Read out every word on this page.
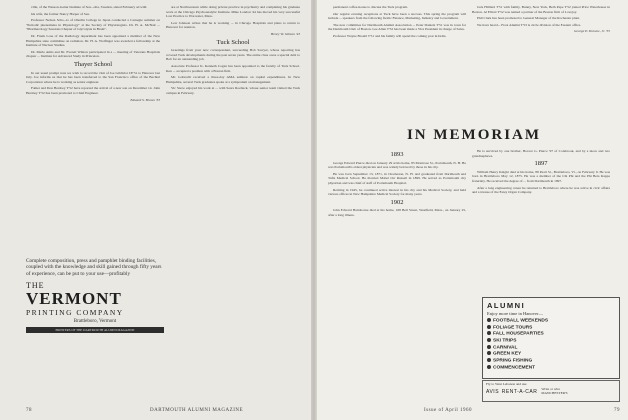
ville, of the Wesson-Gatter Institute of Sou...olia, Sweden, stated February ad with

his wife, the former Nancy Harper of Sea.

Professor Nelson Scho...is of Oberlin College in Japan conducted a Carnegie seminar on "Periodic phenomena in Physiology" at the Society of Physiologists. Dr. H. A. McNair ... "Pharmacology Sessions Chapter of Glycolysis in Brain".

Dr. Frank Lose of the Radiology department has been appointed a member of the New Hampshire state committee on radiation. Dr. H. A. Wolfinger was awarded a fellowship at the Institute of Nuclear Studies.

Dr. Merle Amis and Dr. Everett Winton participated in a ... meeting of Veterans Hospitals chapter ... Institute for Advanced Study in Princeton.

Thayer School

In our usual prompt note we wish to record the visit of Joe Gilchrist CE'51 to Hanover last July. Joe informs us that he has been transferred to the San Francisco office of the Bechtel Corporation where he is working as senior engineer.

Father and Don Hersbey T'52 have reported the arrival of a new son on December 14. John Hersbey T'52 has been promoted to Chief Engineer.

Edward S. Brown '33

are at Northwestern while doing private practice in psychiatry and completing his graduate work at the Chicago Psychoanalytic Institute. Mike London '44 has moved his very successful Law Practice to Worcester, Mass.

Lew Johnson writes that he is working ... in Chicago Hospitals and plans to return to Hanover for reunion.

Henry W. Gibson '43

Tuck School

Greetings from your new correspondent, succeeding Bob Sawyer, whose reporting has covered Tuck developments during the past seven years. The entire class owes a special debt to Bob for an outstanding job.

Associate Professor K. Kenneth Cogan has been appointed to the faculty of Tuck School. Ken ... accepted a position with a Boston firm.

Mr. Gobrecht received a three-day AMA seminar on capital expenditures. In New Hampshire, several Tuck graduates spoke at a symposium on management.

Vic Snow enjoyed his work at ... with Sears Roebuck, whose senior team visited the Tuck campus in February.

Complete composition, press and pamphlet binding facilities, coupled with the knowledge and skill gained through fifty years of experience, can be put to your use—profitably
THE
VERMONT
PRINTING COMPANY
Brattleboro, Vermont
PRINTERS OF THE DARTMOUTH ALUMNI MAGAZINE
78	DARTMOUTH ALUMNI MAGAZINE

permanent coffee-house to discuss the Tuck program.

Our regular evening receptions at Tuck have been a success. This spring the program will include ... speakers from the following fields: Finance, Marketing, Industry and Government.

The new committee for Dartmouth Alumni Association ... Peter Daniels T'51 was in town for the Dartmouth Club of Boston. Lee Allen T'52 has been made a Vice President in charge of Sales.

Professor Wayne Broehl T'51 and his family will spend the coming year in India.

Jack Hilliard T'51 with family, Bunny, New York, Beth Pape T'52 joined Price Waterhouse in Boston. Al Elliott T'52 was named a partner of the Boston firm of Lovejoy.

Phil Clark has been promoted to General Manager of the Rochester plant.

We have heard... Frost Alumni T'53 is circle division of the Eastern office.

George P. Drowne, Jr. '55

IN MEMORIAM
1893

George Edward Pierce died on January 29 at his home, 85 Montrose St., Portsmouth, N. H. He was Portsmouth's oldest physician and was widely beloved by those in his city.

He was born September 13, 1871, in Charleston, N. H. and graduated from Dartmouth and Tufts Medical School. He married Mabel Orr Russell in 1899. He served as Portsmouth city physician and was chief of staff of Portsmouth Hospital.

Retiring in 1945, he continued active interest in his city and his Medical Society, and held various offices in New Hampshire Medical Society for many years.

1902

John Edward Hartsborne died at his home, 168 Bell Street, Westfield, Mass., on January 25, after a long illness.

He is survived by one brother, Horace G. Pierce '97 of Colebrook, and by a niece and two grandnephews.

1897

William Henry Knight died at his home, 88 Pearl St., Brattleboro, Vt., on February 9. He was born in Brattleboro May 12, 1875. He was a member of the Chi Phi and the Phi Beta Kappa fraternity. He received the degree of ... from Dartmouth in 1897.

After a long engineering career he returned to Brattleboro where he was active in civic affairs and a trustee of the Estey Organ Company.

ALUMNI
Enjoy more time in Hanover—
FOOTBALL WEEKENDS
FOLIAGE TOURS
FALL HOUSEPARTIES
SKI TRIPS
CARNIVAL
GREEN KEY
SPRING FISHING
COMMENCEMENT
Fly to West Lebanon and use
AVIS RENT-A-CAR
Write or wire
MANCHESTER'S
Issue of April 1960	79
